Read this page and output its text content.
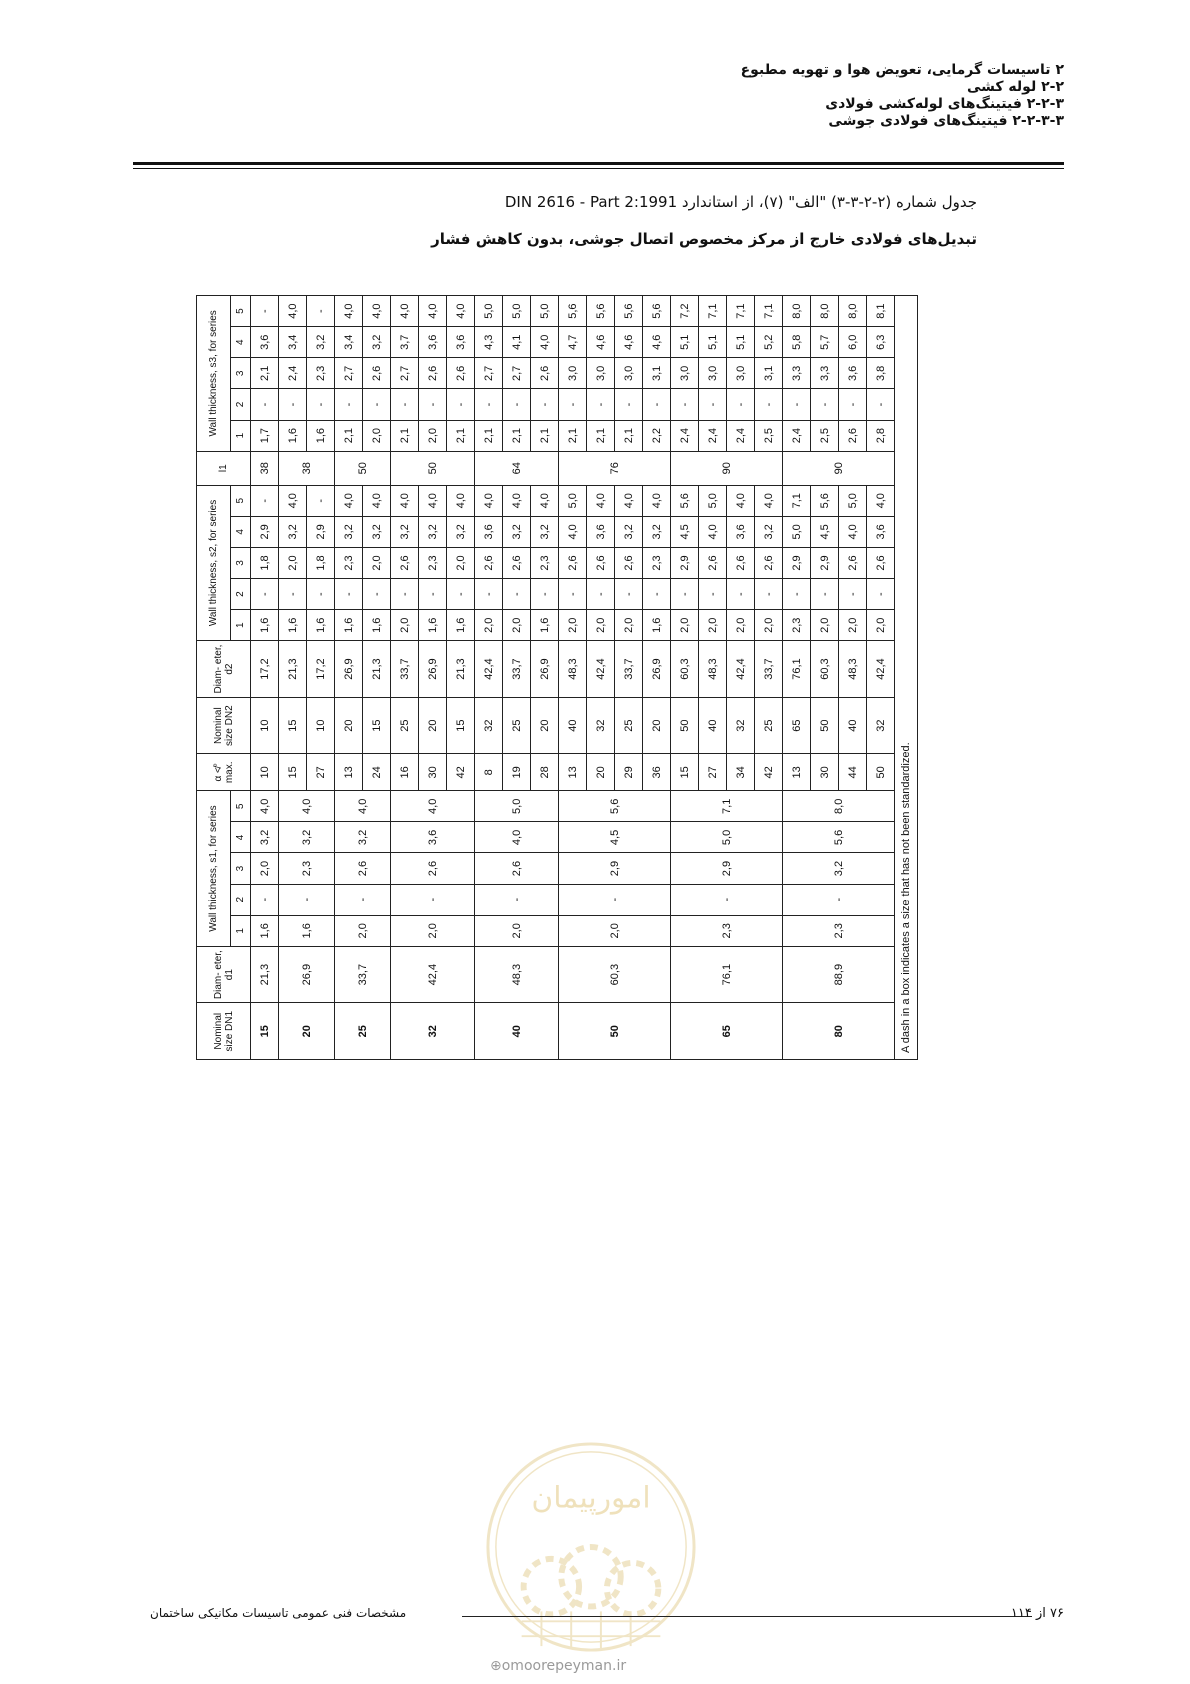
۲ تاسیسات گرمایی، تعویض هوا و تهویه مطبوع
۲-۲ لوله کشی
۲-۲-۳ فیتینگ‌های لوله‌کشی فولادی
۲-۲-۳-۳ فیتینگ‌های فولادی جوشی
جدول شماره (۲-۲-۳-۳) "الف" (۷)، از استاندارد DIN 2616 - Part 2:1991
تبدیل‌های فولادی خارج از مرکز مخصوص اتصال جوشی، بدون کاهش فشار
Nominal size DN1	Diam- eter, d1	Wall thickness, s1, for series					α ≮° max.	Nominal size DN2	Diam- eter, d2	Wall thickness, s2, for series					l1	Wall thickness, s3, for series				
		1	2	3	4	5				1	2	3	4	5		1	2	3	4	5
15	21,3	1,6	-	2,0	3,2	4,0	10	10	17,2	1,6	-	1,8	2,9	-	38	1,7	-	2,1	3,6	-
20	26,9	1,6	-	2,3	3,2	4,0	15	15	21,3	1,6	-	2,0	3,2	4,0	38	1,6	-	2,4	3,4	4,0
							27	10	17,2	1,6	-	1,8	2,9	-		1,6	-	2,3	3,2	-
25	33,7	2,0	-	2,6	3,2	4,0	13	20	26,9	1,6	-	2,3	3,2	4,0	50	2,1	-	2,7	3,4	4,0
							24	15	21,3	1,6	-	2,0	3,2	4,0		2,0	-	2,6	3,2	4,0
32	42,4	2,0	-	2,6	3,6	4,0	16	25	33,7	2,0	-	2,6	3,2	4,0	50	2,1	-	2,7	3,7	4,0
							30	20	26,9	1,6	-	2,3	3,2	4,0		2,0	-	2,6	3,6	4,0
							42	15	21,3	1,6	-	2,0	3,2	4,0		2,1	-	2,6	3,6	4,0
40	48,3	2,0	-	2,6	4,0	5,0	8	32	42,4	2,0	-	2,6	3,6	4,0	64	2,1	-	2,7	4,3	5,0
							19	25	33,7	2,0	-	2,6	3,2	4,0		2,1	-	2,7	4,1	5,0
							28	20	26,9	1,6	-	2,3	3,2	4,0		2,1	-	2,6	4,0	5,0
50	60,3	2,0	-	2,9	4,5	5,6	13	40	48,3	2,0	-	2,6	4,0	5,0	76	2,1	-	3,0	4,7	5,6
							20	32	42,4	2,0	-	2,6	3,6	4,0		2,1	-	3,0	4,6	5,6
							29	25	33,7	2,0	-	2,6	3,2	4,0		2,1	-	3,0	4,6	5,6
							36	20	26,9	1,6	-	2,3	3,2	4,0		2,2	-	3,1	4,6	5,6
65	76,1	2,3	-	2,9	5,0	7,1	15	50	60,3	2,0	-	2,9	4,5	5,6	90	2,4	-	3,0	5,1	7,2
							27	40	48,3	2,0	-	2,6	4,0	5,0		2,4	-	3,0	5,1	7,1
							34	32	42,4	2,0	-	2,6	3,6	4,0		2,4	-	3,0	5,1	7,1
							42	25	33,7	2,0	-	2,6	3,2	4,0		2,5	-	3,1	5,2	7,1
80	88,9	2,3	-	3,2	5,6	8,0	13	65	76,1	2,3	-	2,9	5,0	7,1	90	2,4	-	3,3	5,8	8,0
							30	50	60,3	2,0	-	2,9	4,5	5,6		2,5	-	3,3	5,7	8,0
							44	40	48,3	2,0	-	2,6	4,0	5,0		2,6	-	3,6	6,0	8,0
							50	32	42,4	2,0	-	2,6	3,6	4,0		2,8	-	3,8	6,3	8,1
A dash in a box indicates a size that has not been standardized.																				
امورپیمان
مشخصات فنی عمومی تاسیسات مکانیکی ساختمان	۷۶ از ۱۱۴
⊕omoorepeyman.ir
